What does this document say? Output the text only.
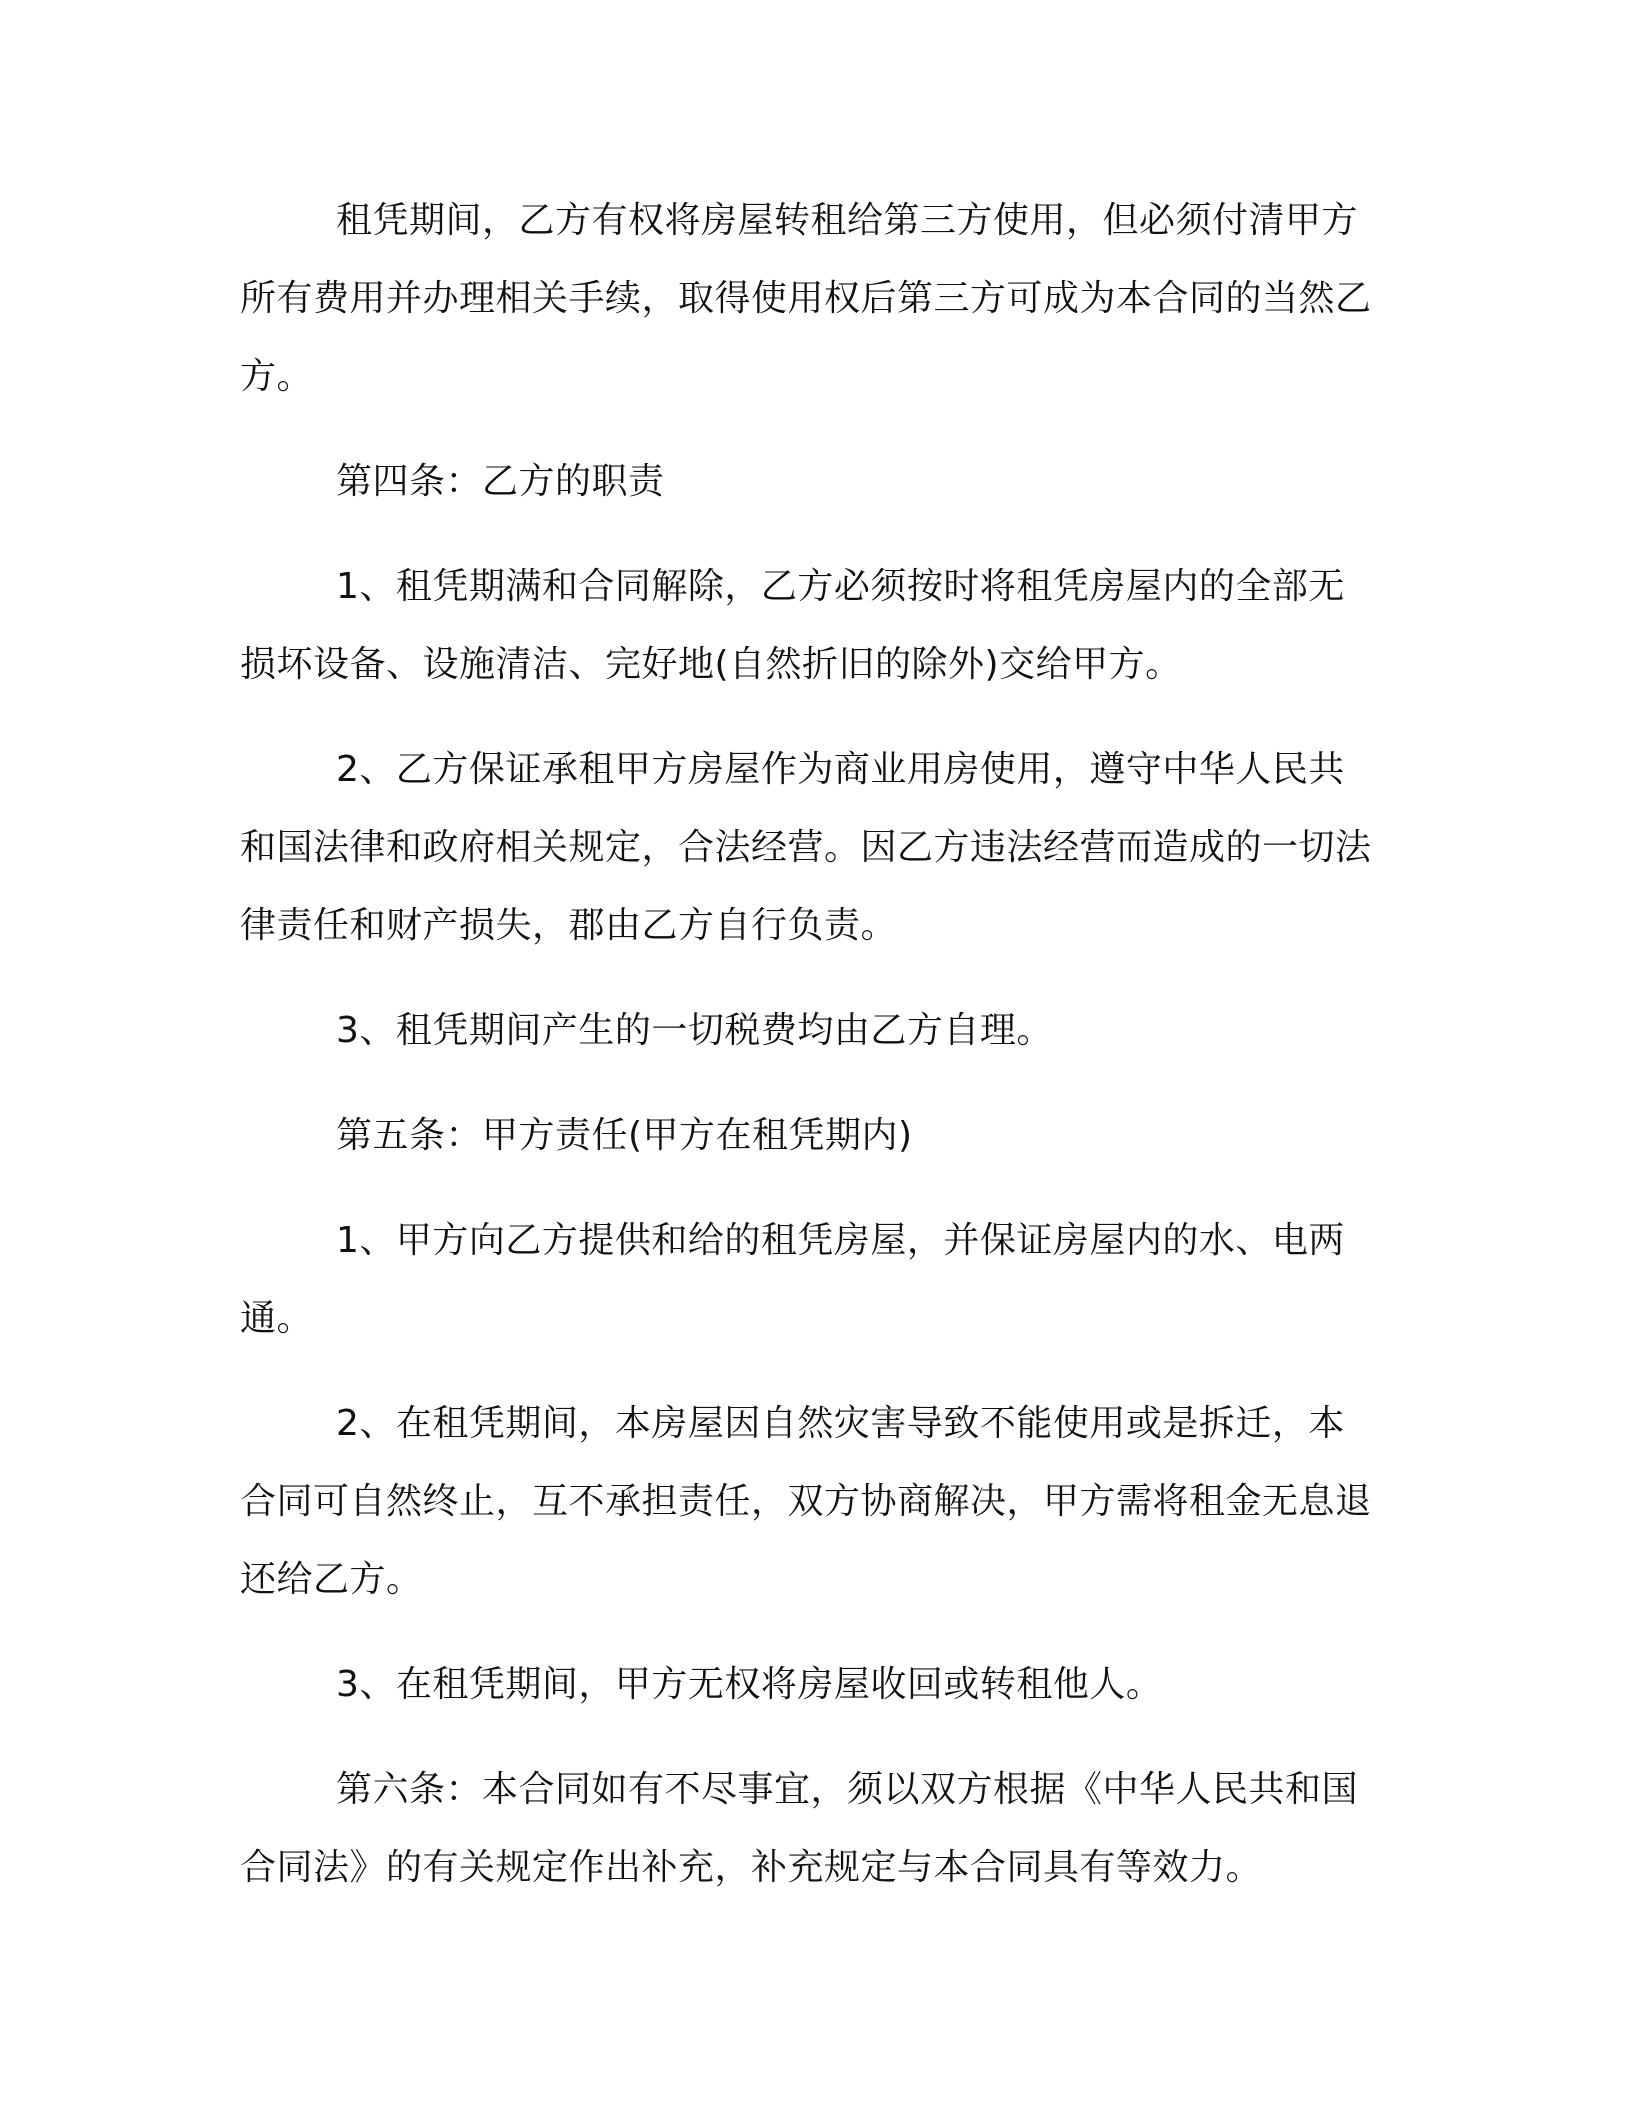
租凭期间，乙方有权将房屋转租给第三方使用，但必须付清甲方所有费用并办理相关手续，取得使用权后第三方可成为本合同的当然乙方。

第四条：乙方的职责

1、租凭期满和合同解除，乙方必须按时将租凭房屋内的全部无损坏设备、设施清洁、完好地(自然折旧的除外)交给甲方。

2、乙方保证承租甲方房屋作为商业用房使用，遵守中华人民共和国法律和政府相关规定，合法经营。因乙方违法经营而造成的一切法律责任和财产损失，郡由乙方自行负责。

3、租凭期间产生的一切税费均由乙方自理。

第五条：甲方责任(甲方在租凭期内)

1、甲方向乙方提供和给的租凭房屋，并保证房屋内的水、电两通。

2、在租凭期间，本房屋因自然灾害导致不能使用或是拆迁，本合同可自然终止，互不承担责任，双方协商解决，甲方需将租金无息退还给乙方。

3、在租凭期间，甲方无权将房屋收回或转租他人。

第六条：本合同如有不尽事宜，须以双方根据《中华人民共和国合同法》的有关规定作出补充，补充规定与本合同具有等效力。
